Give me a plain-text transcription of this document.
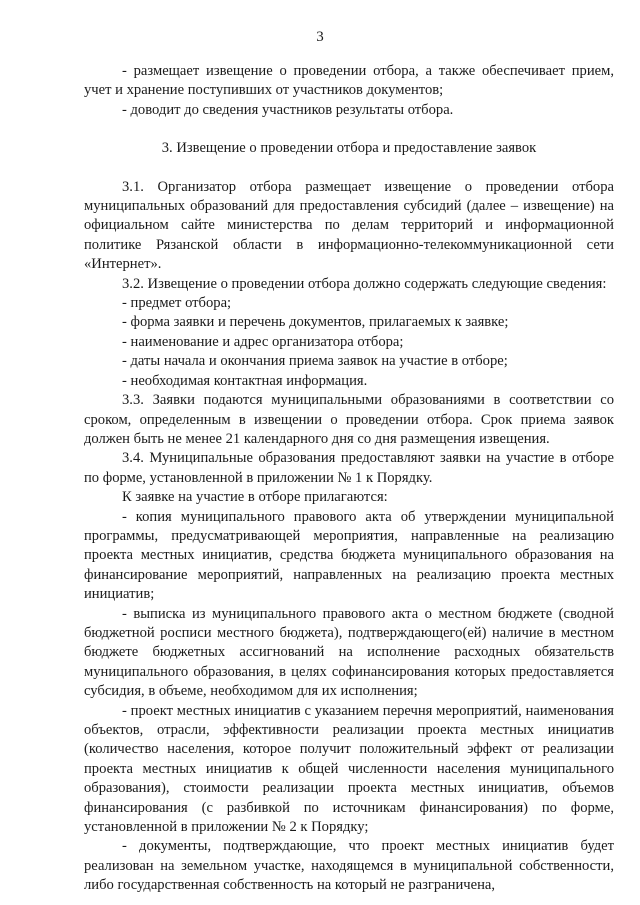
3

- размещает извещение о проведении отбора, а также обеспечивает прием, учет и хранение поступивших от участников документов;

- доводит до сведения участников результаты отбора.

3. Извещение о проведении отбора и предоставление заявок

3.1. Организатор отбора размещает извещение о проведении отбора муниципальных образований для предоставления субсидий (далее – извещение) на официальном сайте министерства по делам территорий и информационной политике Рязанской области в информационно-телекоммуникационной сети «Интернет».

3.2. Извещение о проведении отбора должно содержать следующие сведения:

- предмет отбора;

- форма заявки и перечень документов, прилагаемых к заявке;

- наименование и адрес организатора отбора;

- даты начала и окончания приема заявок на участие в отборе;

- необходимая контактная информация.

3.3. Заявки подаются муниципальными образованиями в соответствии со сроком, определенным в извещении о проведении отбора. Срок приема заявок должен быть не менее 21 календарного дня со дня размещения извещения.

3.4. Муниципальные образования предоставляют заявки на участие в отборе по форме, установленной в приложении № 1 к Порядку.

К заявке на участие в отборе прилагаются:

- копия муниципального правового акта об утверждении муниципальной программы, предусматривающей мероприятия, направленные на реализацию проекта местных инициатив, средства бюджета муниципального образования на финансирование мероприятий, направленных на реализацию проекта местных инициатив;

- выписка из муниципального правового акта о местном бюджете (сводной бюджетной росписи местного бюджета), подтверждающего(ей) наличие в местном бюджете бюджетных ассигнований на исполнение расходных обязательств муниципального образования, в целях софинансирования которых предоставляется субсидия, в объеме, необходимом для их исполнения;

- проект местных инициатив с указанием перечня мероприятий, наименования объектов, отрасли, эффективности реализации проекта местных инициатив (количество населения, которое получит положительный эффект от реализации проекта местных инициатив к общей численности населения муниципального образования), стоимости реализации проекта местных инициатив, объемов финансирования (с разбивкой по источникам финансирования) по форме, установленной в приложении № 2 к Порядку;

- документы, подтверждающие, что проект местных инициатив будет реализован на земельном участке, находящемся в муниципальной собственности, либо государственная собственность на который не разграничена,
